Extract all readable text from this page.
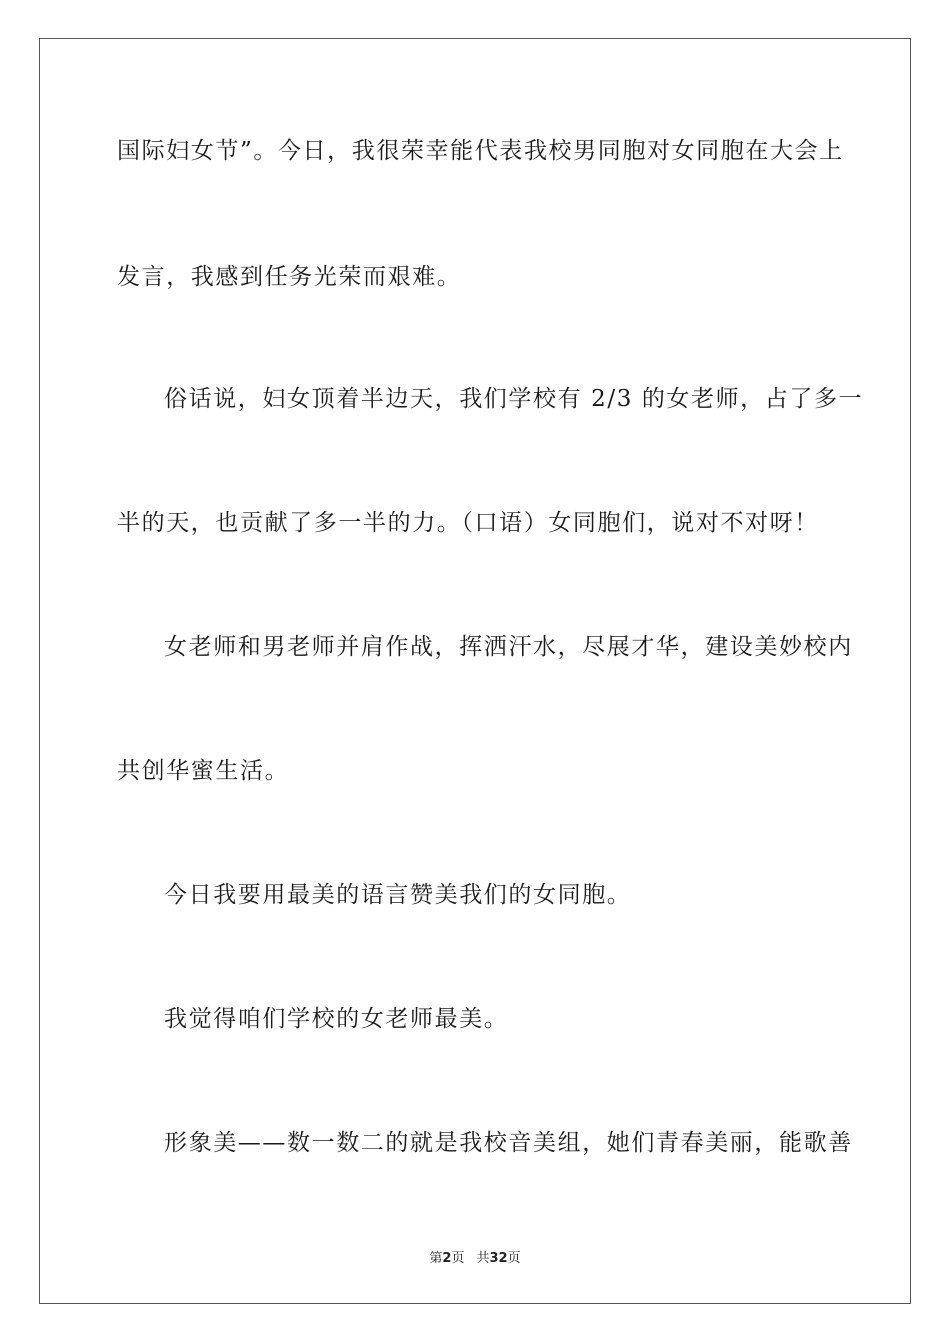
国际妇女节”。今日，我很荣幸能代表我校男同胞对女同胞在大会上

发言，我感到任务光荣而艰难。

俗话说，妇女顶着半边天，我们学校有 2/3 的女老师，占了多一

半的天，也贡献了多一半的力。（口语）女同胞们，说对不对呀！

女老师和男老师并肩作战，挥洒汗水，尽展才华，建设美妙校内

共创华蜜生活。

今日我要用最美的语言赞美我们的女同胞。

我觉得咱们学校的女老师最美。

形象美——数一数二的就是我校音美组，她们青春美丽，能歌善

第2页 共32页
